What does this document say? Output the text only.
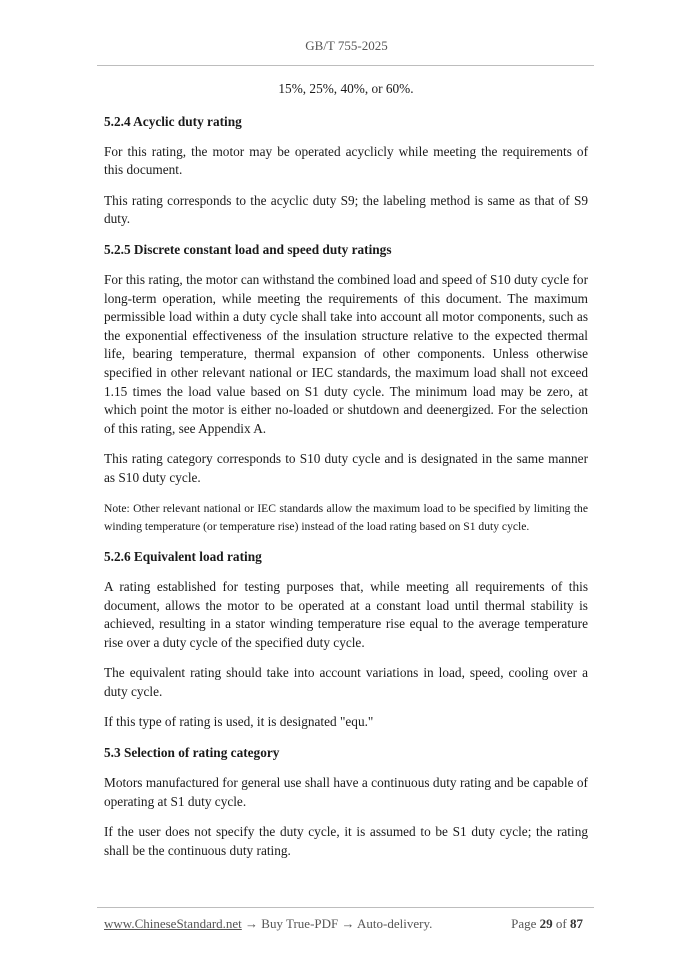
GB/T 755-2025

15%, 25%, 40%, or 60%.

5.2.4 Acyclic duty rating

For this rating, the motor may be operated acyclicly while meeting the requirements of this document.

This rating corresponds to the acyclic duty S9; the labeling method is same as that of S9 duty.

5.2.5 Discrete constant load and speed duty ratings

For this rating, the motor can withstand the combined load and speed of S10 duty cycle for long-term operation, while meeting the requirements of this document. The maximum permissible load within a duty cycle shall take into account all motor components, such as the exponential effectiveness of the insulation structure relative to the expected thermal life, bearing temperature, thermal expansion of other components. Unless otherwise specified in other relevant national or IEC standards, the maximum load shall not exceed 1.15 times the load value based on S1 duty cycle. The minimum load may be zero, at which point the motor is either no-loaded or shutdown and deenergized. For the selection of this rating, see Appendix A.

This rating category corresponds to S10 duty cycle and is designated in the same manner as S10 duty cycle.

Note: Other relevant national or IEC standards allow the maximum load to be specified by limiting the winding temperature (or temperature rise) instead of the load rating based on S1 duty cycle.

5.2.6 Equivalent load rating

A rating established for testing purposes that, while meeting all requirements of this document, allows the motor to be operated at a constant load until thermal stability is achieved, resulting in a stator winding temperature rise equal to the average temperature rise over a duty cycle of the specified duty cycle.

The equivalent rating should take into account variations in load, speed, cooling over a duty cycle.

If this type of rating is used, it is designated "equ."

5.3 Selection of rating category

Motors manufactured for general use shall have a continuous duty rating and be capable of operating at S1 duty cycle.

If the user does not specify the duty cycle, it is assumed to be S1 duty cycle; the rating shall be the continuous duty rating.

www.ChineseStandard.net → Buy True-PDF → Auto-delivery.	Page 29 of 87
